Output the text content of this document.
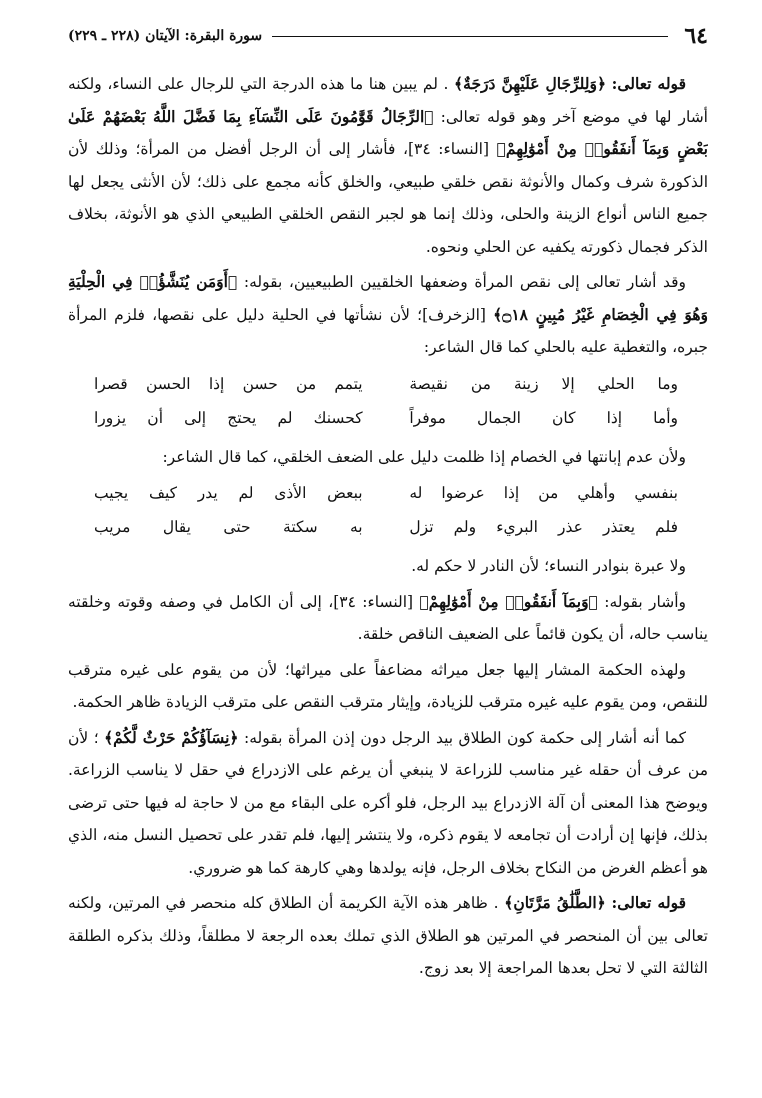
٦٤
سورة البقرة: الآيتان (٢٢٨ ـ ٢٢٩)

قوله تعالى: ﴿وَلِلرِّجَالِ عَلَيْهِنَّ دَرَجَةٌ﴾ . لم يبين هنا ما هذه الدرجة التي للرجال على النساء، ولكنه أشار لها في موضع آخر وهو قوله تعالى: ﴿الرِّجَالُ قَوَّٰمُونَ عَلَى النِّسَآءِ بِمَا فَضَّلَ اللَّهُ بَعْضَهُمْ عَلَىٰ بَعْضٍ وَبِمَآ أَنفَقُوا۟ مِنْ أَمْوَٰلِهِمْ﴾ [النساء: ٣٤]، فأشار إلى أن الرجل أفضل من المرأة؛ وذلك لأن الذكورة شرف وكمال والأنوثة نقص خلقي طبيعي، والخلق كأنه مجمع على ذلك؛ لأن الأنثى يجعل لها جميع الناس أنواع الزينة والحلى، وذلك إنما هو لجبر النقص الخلقي الطبيعي الذي هو الأنوثة، بخلاف الذكر فجمال ذكورته يكفيه عن الحلي ونحوه.

وقد أشار تعالى إلى نقص المرأة وضعفها الخلقيين الطبيعيين، بقوله: ﴿أَوَمَن يُنَشَّؤُا۟ فِي الْحِلْيَةِ وَهُوَ فِي الْخِصَامِ غَيْرُ مُبِينٍ ۝١٨﴾ [الزخرف]؛ لأن نشأتها في الحلية دليل على نقصها، فلزم المرأة جبره، والتغطية عليه بالحلي كما قال الشاعر:

وما الحلي إلا زينة من نقيصة
يتمم من حسن إذا الحسن قصرا
وأما إذا كان الجمال موفراً
كحسنك لم يحتج إلى أن يزورا

ولأن عدم إبانتها في الخصام إذا ظلمت دليل على الضعف الخلقي، كما قال الشاعر:

بنفسي وأهلي من إذا عرضوا له
ببعض الأذى لم يدر كيف يجيب
فلم يعتذر عذر البريء ولم تزل
به سكتة حتى يقال مريب

ولا عبرة بنوادر النساء؛ لأن النادر لا حكم له.

وأشار بقوله: ﴿وَبِمَآ أَنفَقُوا۟ مِنْ أَمْوَٰلِهِمْ﴾ [النساء: ٣٤]، إلى أن الكامل في وصفه وقوته وخلقته يناسب حاله، أن يكون قائماً على الضعيف الناقص خلقة.

ولهذه الحكمة المشار إليها جعل ميراثه مضاعفاً على ميراثها؛ لأن من يقوم على غيره مترقب للنقص، ومن يقوم عليه غيره مترقب للزيادة، وإيثار مترقب النقص على مترقب الزيادة ظاهر الحكمة.

كما أنه أشار إلى حكمة كون الطلاق بيد الرجل دون إذن المرأة بقوله: ﴿نِسَآؤُكُمْ حَرْثٌ لَّكُمْ﴾ ؛ لأن من عرف أن حقله غير مناسب للزراعة لا ينبغي أن يرغم على الازدراع في حقل لا يناسب الزراعة. ويوضح هذا المعنى أن آلة الازدراع بيد الرجل، فلو أكره على البقاء مع من لا حاجة له فيها حتى ترضى بذلك، فإنها إن أرادت أن تجامعه لا يقوم ذكره، ولا ينتشر إليها، فلم تقدر على تحصيل النسل منه، الذي هو أعظم الغرض من النكاح بخلاف الرجل، فإنه يولدها وهي كارهة كما هو ضروري.

قوله تعالى: ﴿الطَّلَٰقُ مَرَّتَانِ﴾ . ظاهر هذه الآية الكريمة أن الطلاق كله منحصر في المرتين، ولكنه تعالى بين أن المنحصر في المرتين هو الطلاق الذي تملك بعده الرجعة لا مطلقاً، وذلك بذكره الطلقة الثالثة التي لا تحل بعدها المراجعة إلا بعد زوج.
